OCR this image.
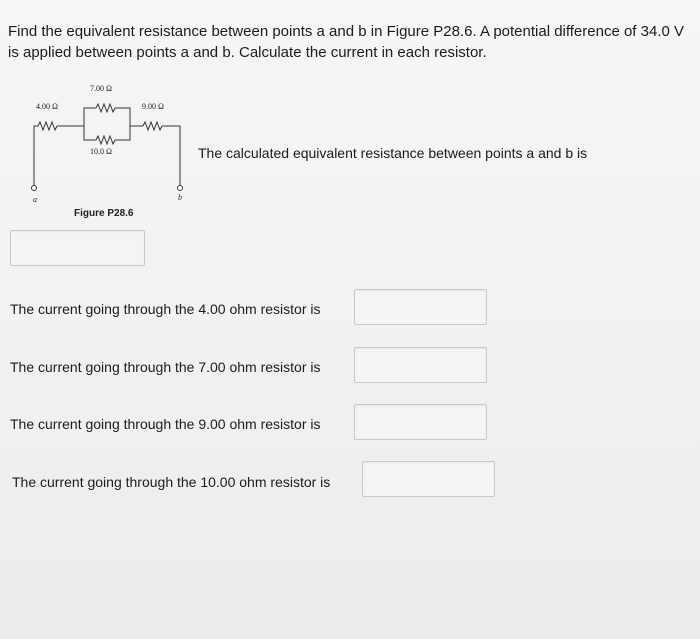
Find the equivalent resistance between points a and b in Figure P28.6. A potential difference of 34.0 V is applied between points a and b. Calculate the current in each resistor.
4.00 Ω
7.00 Ω
9.00 Ω
10.0 Ω
a	b
Figure P28.6
The calculated equivalent resistance between points a and b is
The current going through the 4.00 ohm resistor is
The current going through the 7.00 ohm resistor is
The current going through the 9.00 ohm resistor is
The current going through the 10.00 ohm resistor is
